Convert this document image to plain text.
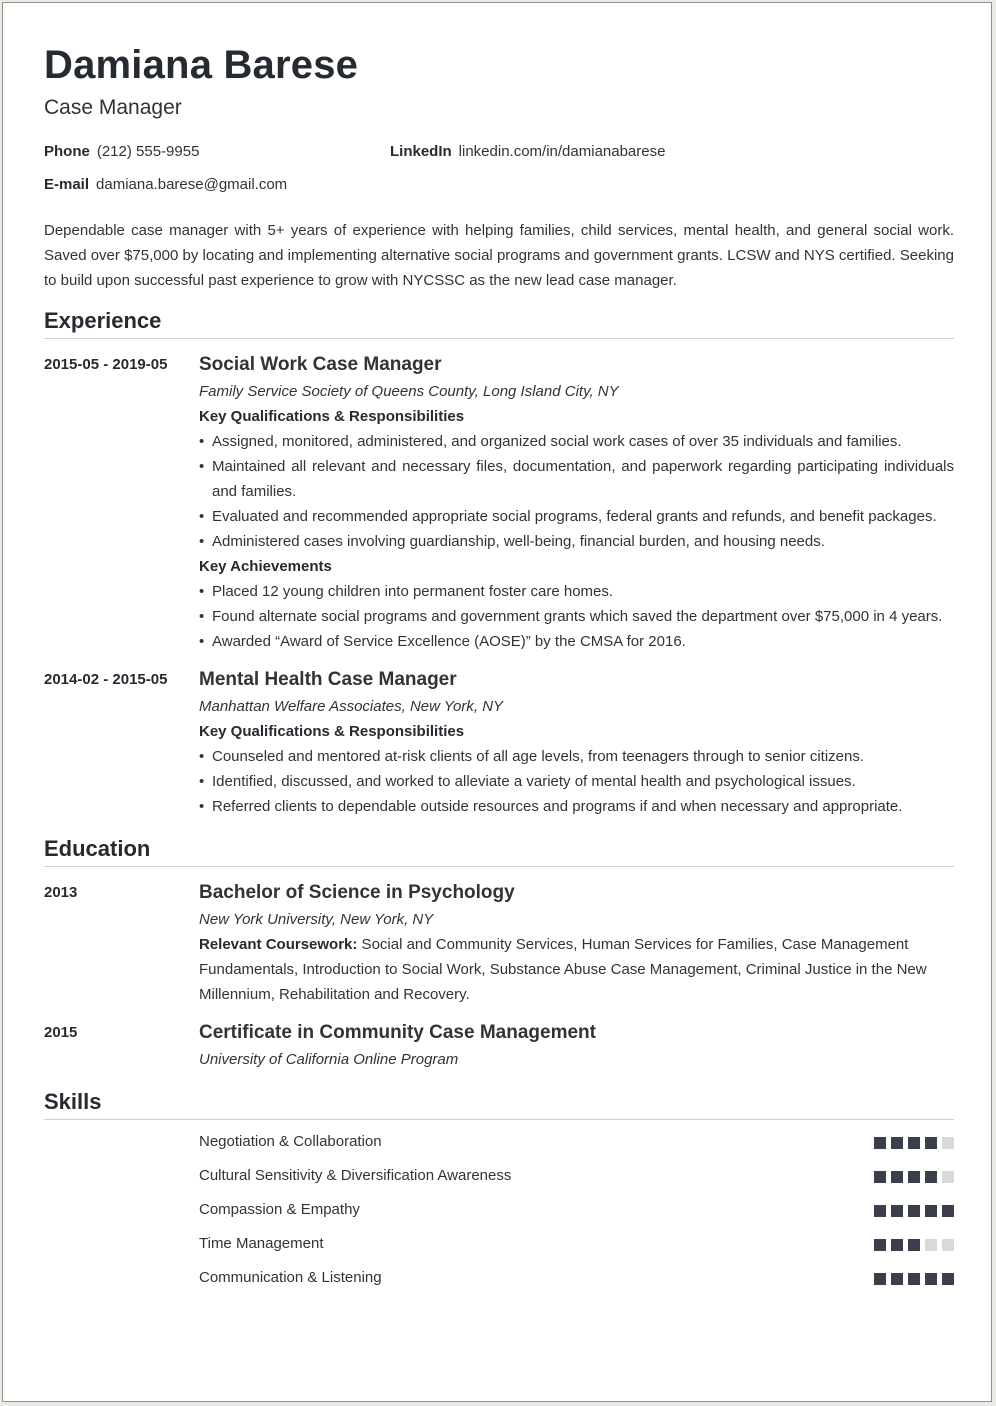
Damiana Barese
Case Manager
Phone (212) 555-9955	LinkedIn linkedin.com/in/damianabarese
E-mail damiana.barese@gmail.com
Dependable case manager with 5+ years of experience with helping families, child services, mental health, and general social work. Saved over $75,000 by locating and implementing alternative social programs and government grants. LCSW and NYS certified. Seeking to build upon successful past experience to grow with NYCSSC as the new lead case manager.
Experience
2015-05 - 2019-05 Social Work Case Manager
Family Service Society of Queens County, Long Island City, NY
Key Qualifications & Responsibilities
• Assigned, monitored, administered, and organized social work cases of over 35 individuals and families.
• Maintained all relevant and necessary files, documentation, and paperwork regarding participating individuals and families.
• Evaluated and recommended appropriate social programs, federal grants and refunds, and benefit packages.
• Administered cases involving guardianship, well-being, financial burden, and housing needs.
Key Achievements
• Placed 12 young children into permanent foster care homes.
• Found alternate social programs and government grants which saved the department over $75,000 in 4 years.
• Awarded “Award of Service Excellence (AOSE)” by the CMSA for 2016.
2014-02 - 2015-05 Mental Health Case Manager
Manhattan Welfare Associates, New York, NY
Key Qualifications & Responsibilities
• Counseled and mentored at-risk clients of all age levels, from teenagers through to senior citizens.
• Identified, discussed, and worked to alleviate a variety of mental health and psychological issues.
• Referred clients to dependable outside resources and programs if and when necessary and appropriate.
Education
2013	Bachelor of Science in Psychology
New York University, New York, NY
Relevant Coursework: Social and Community Services, Human Services for Families, Case Management Fundamentals, Introduction to Social Work, Substance Abuse Case Management, Criminal Justice in the New Millennium, Rehabilitation and Recovery.
2015	Certificate in Community Case Management
University of California Online Program
Skills
Negotiation & Collaboration
Cultural Sensitivity & Diversification Awareness
Compassion & Empathy
Time Management
Communication & Listening
